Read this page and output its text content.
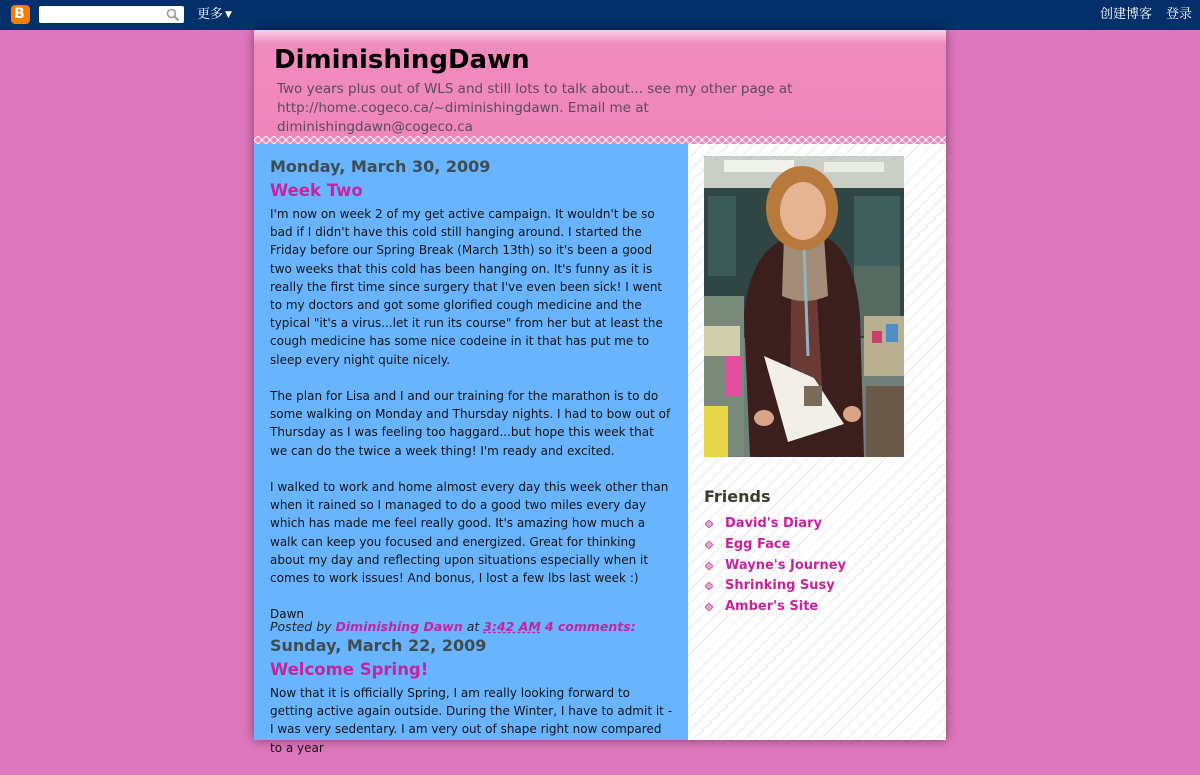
B	更多 ▼	创建博客 登录
DiminishingDawn
Two years plus out of WLS and still lots to talk about... see my other page at http://home.cogeco.ca/~diminishingdawn. Email me at diminishingdawn@cogeco.ca
Monday, March 30, 2009
Week Two

I'm now on week 2 of my get active campaign. It wouldn't be so bad if I didn't have this cold still hanging around. I started the Friday before our Spring Break (March 13th) so it's been a good two weeks that this cold has been hanging on. It's funny as it is really the first time since surgery that I've even been sick! I went to my doctors and got some glorified cough medicine and the typical "it's a virus...let it run its course" from her but at least the cough medicine has some nice codeine in it that has put me to sleep every night quite nicely.

The plan for Lisa and I and our training for the marathon is to do some walking on Monday and Thursday nights. I had to bow out of Thursday as I was feeling too haggard...but hope this week that we can do the twice a week thing! I'm ready and excited.

I walked to work and home almost every day this week other than when it rained so I managed to do a good two miles every day which has made me feel really good. It's amazing how much a walk can keep you focused and energized. Great for thinking about my day and reflecting upon situations especially when it comes to work issues! And bonus, I lost a few lbs last week :)

Dawn

Posted by Diminishing Dawn at 3:42 AM 4 comments:
Sunday, March 22, 2009
Welcome Spring!

Now that it is officially Spring, I am really looking forward to getting active again outside. During the Winter, I have to admit it - I was very sedentary. I am very out of shape right now compared to a year

Friends
David's Diary
Egg Face
Wayne's Journey
Shrinking Susy
Amber's Site
